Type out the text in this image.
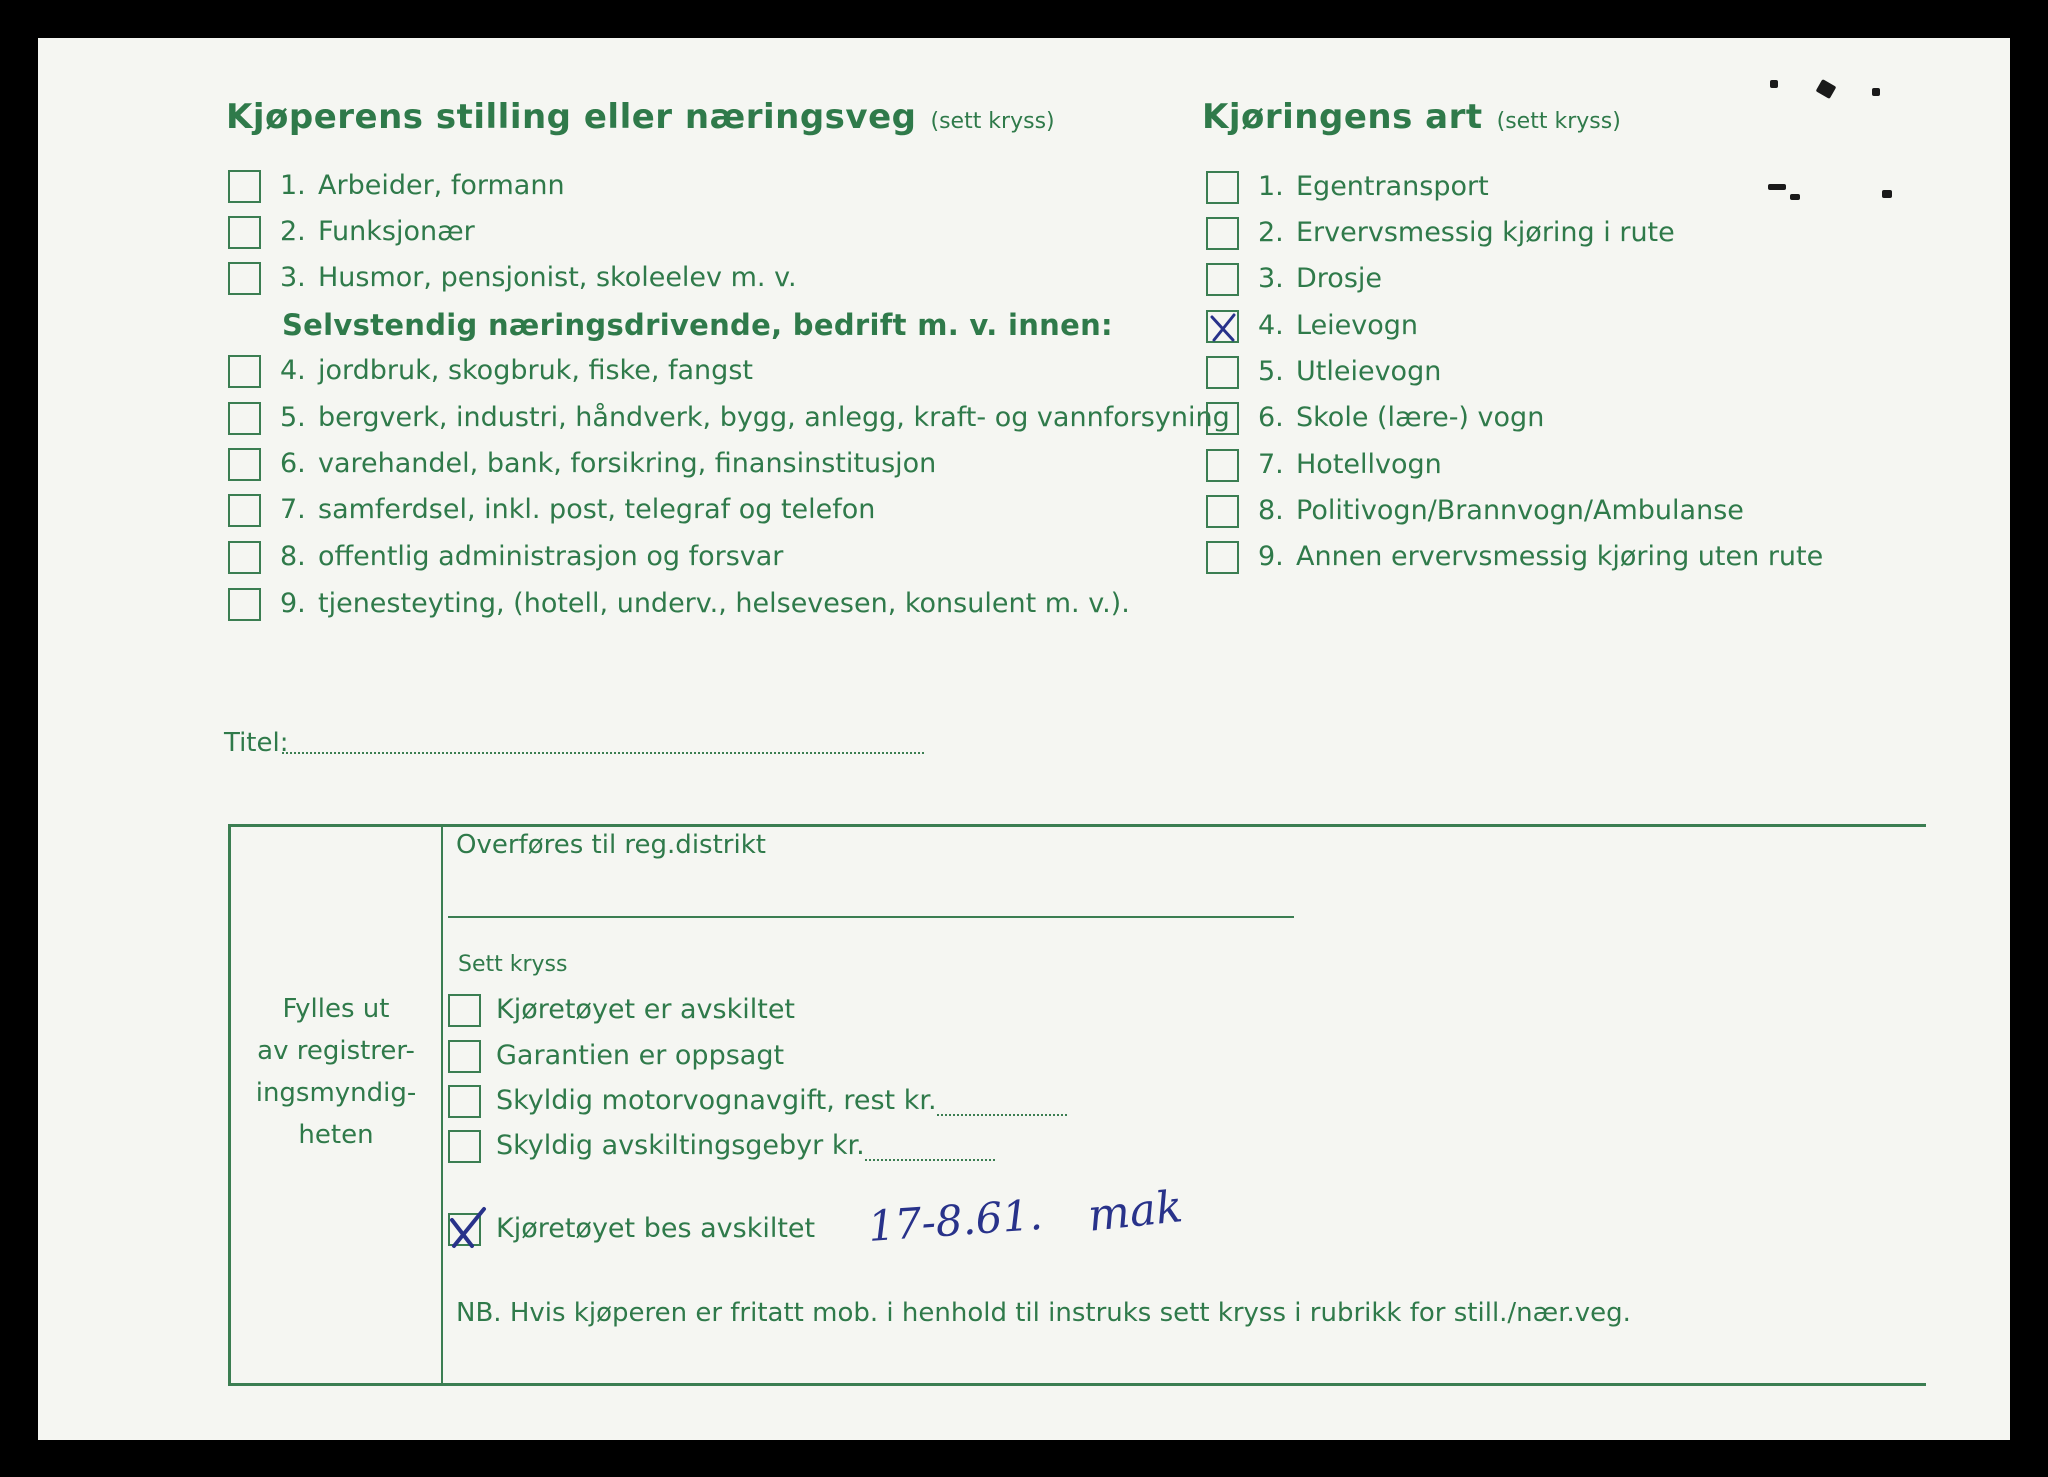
Kjøperens stilling eller næringsveg (sett kryss)	Kjøringens art (sett kryss)
1. Arbeider, formann
2. Funksjonær
3. Husmor, pensjonist, skoleelev m. v.
Selvstendig næringsdrivende, bedrift m. v. innen:
4. jordbruk, skogbruk, fiske, fangst
5. bergverk, industri, håndverk, bygg, anlegg, kraft- og vannforsyning
6. varehandel, bank, forsikring, finansinstitusjon
7. samferdsel, inkl. post, telegraf og telefon
8. offentlig administrasjon og forsvar
9. tjenesteyting, (hotell, underv., helsevesen, konsulent m. v.).
1. Egentransport
2. Ervervsmessig kjøring i rute
3. Drosje
4. Leievogn
5. Utleievogn
6. Skole (lære-) vogn
7. Hotellvogn
8. Politivogn/Brannvogn/Ambulanse
9. Annen ervervsmessig kjøring uten rute
Titel:
Fylles ut
av registrer-
ingsmyndig-
heten
Overføres til reg.distrikt
Sett kryss
Kjøretøyet er avskiltet
Garantien er oppsagt
Skyldig motorvognavgift, rest kr.
Skyldig avskiltingsgebyr kr.
Kjøretøyet bes avskiltet 17-8.61. mak
NB. Hvis kjøperen er fritatt mob. i henhold til instruks sett kryss i rubrikk for still./nær.veg.
